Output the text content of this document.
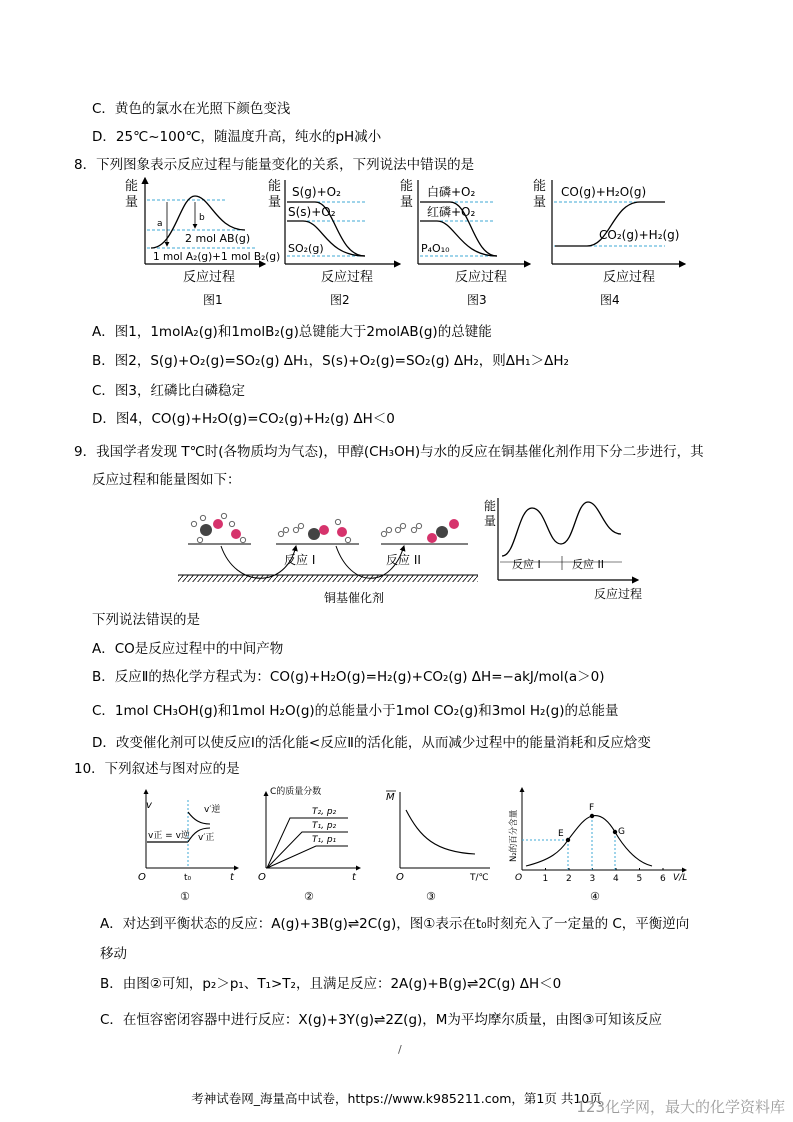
C．黄色的氯水在光照下颜色变浅
D．25℃~100℃，随温度升高，纯水的pH减小
8．下列图象表示反应过程与能量变化的关系，下列说法中错误的是
能
量
a
b
2 mol AB(g)
1 mol A₂(g)+1 mol B₂(g)
反应过程
图1
能
量
S(g)+O₂
S(s)+O₂
SO₂(g)
反应过程
图2
能
量
白磷+O₂
红磷+O₂
P₄O₁₀
反应过程
图3
能
量
CO(g)+H₂O(g)
CO₂(g)+H₂(g)
反应过程
图4
A．图1，1molA₂(g)和1molB₂(g)总键能大于2molAB(g)的总键能
B．图2，S(g)+O₂(g)=SO₂(g) ΔH₁，S(s)+O₂(g)=SO₂(g) ΔH₂，则ΔH₁＞ΔH₂
C．图3，红磷比白磷稳定
D．图4，CO(g)+H₂O(g)=CO₂(g)+H₂(g) ΔH＜0
9．我国学者发现 T℃时(各物质均为气态)，甲醇(CH₃OH)与水的反应在铜基催化剂作用下分二步进行，其
反应过程和能量图如下：
反应 I	反应 II
铜基催化剂
能
量
反应 I	反应 II
反应过程
下列说法错误的是
A．CO是反应过程中的中间产物
B．反应Ⅱ的热化学方程式为：CO(g)+H₂O(g)=H₂(g)+CO₂(g) ΔH=−akJ/mol(a＞0)
C．1mol CH₃OH(g)和1mol H₂O(g)的总能量小于1mol CO₂(g)和3mol H₂(g)的总能量
D．改变催化剂可以使反应Ⅰ的活化能<反应Ⅱ的活化能，从而减少过程中的能量消耗和反应焓变
10．下列叙述与图对应的是
v
O	t
t₀
v′逆
v′正
v正 = v逆
①
C的质量分数
O	t
T₂, p₂
T₁, p₂
T₁, p₁
②
M
O	T/℃
③
N₂的百分含量
O	V/L
1 2 3 4 5 6
E
F
G
④
A．对达到平衡状态的反应：A(g)+3B(g)⇌2C(g)，图①表示在t₀时刻充入了一定量的 C，平衡逆向
移动
B．由图②可知，p₂＞p₁、T₁>T₂，且满足反应：2A(g)+B(g)⇌2C(g) ΔH＜0
C．在恒容密闭容器中进行反应：X(g)+3Y(g)⇌2Z(g)，M为平均摩尔质量，由图③可知该反应
/
考神试卷网_海量高中试卷，https://www.k985211.com，第1页 共10页
123化学网，最大的化学资料库
